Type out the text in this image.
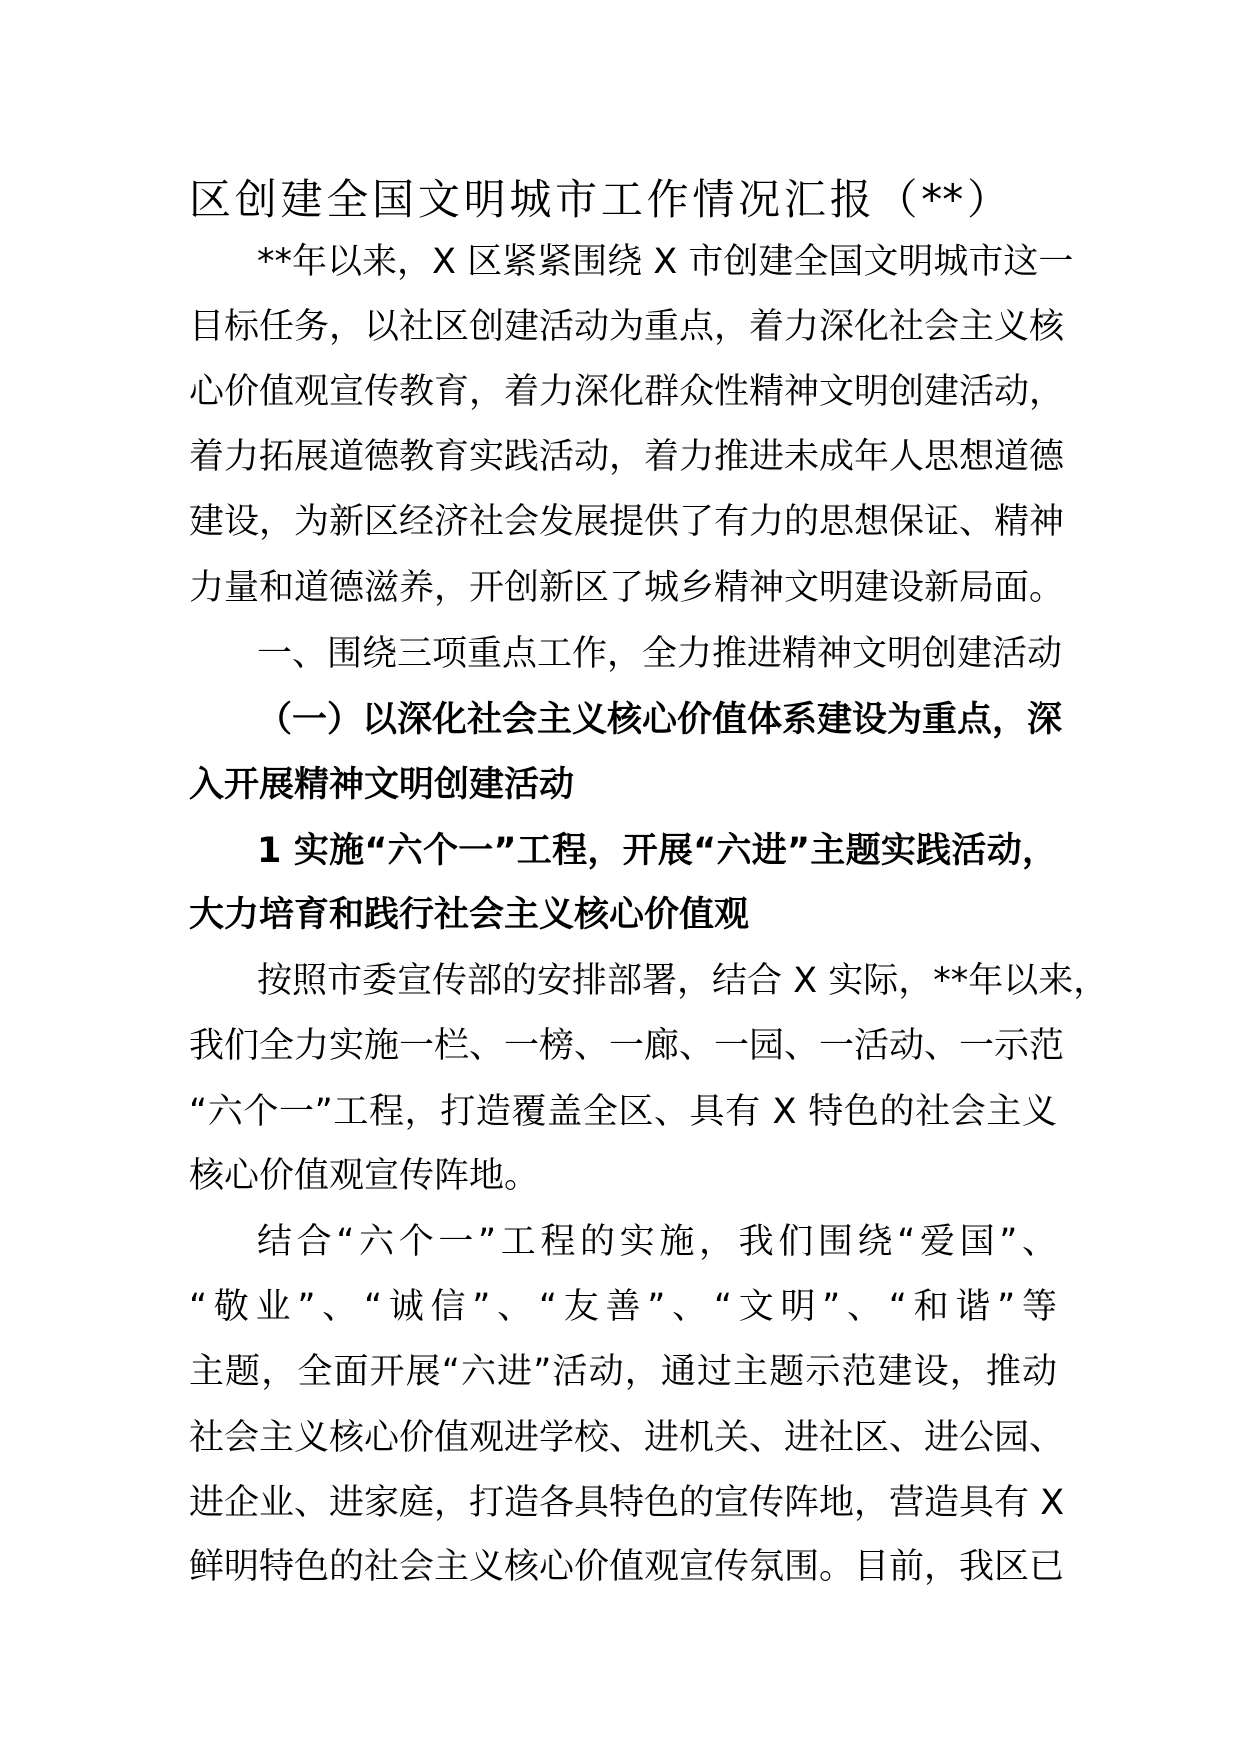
区创建全国文明城市工作情况汇报（**）
**年以来，X 区紧紧围绕 X 市创建全国文明城市这一
目标任务，以社区创建活动为重点，着力深化社会主义核
心价值观宣传教育，着力深化群众性精神文明创建活动，
着力拓展道德教育实践活动，着力推进未成年人思想道德
建设，为新区经济社会发展提供了有力的思想保证、精神
力量和道德滋养，开创新区了城乡精神文明建设新局面。
一、围绕三项重点工作，全力推进精神文明创建活动
（一）以深化社会主义核心价值体系建设为重点，深
入开展精神文明创建活动
1 实施“六个一”工程，开展“六进”主题实践活动，
大力培育和践行社会主义核心价值观
按照市委宣传部的安排部署，结合 X 实际，**年以来，
我们全力实施一栏、一榜、一廊、一园、一活动、一示范
“六个一”工程，打造覆盖全区、具有 X 特色的社会主义
核心价值观宣传阵地。
结合“六个一”工程的实施，我们围绕“爱国”、
“敬业”、“诚信”、“友善”、“文明”、“和谐”等
主题，全面开展“六进”活动，通过主题示范建设，推动
社会主义核心价值观进学校、进机关、进社区、进公园、
进企业、进家庭，打造各具特色的宣传阵地，营造具有 X
鲜明特色的社会主义核心价值观宣传氛围。目前，我区已
